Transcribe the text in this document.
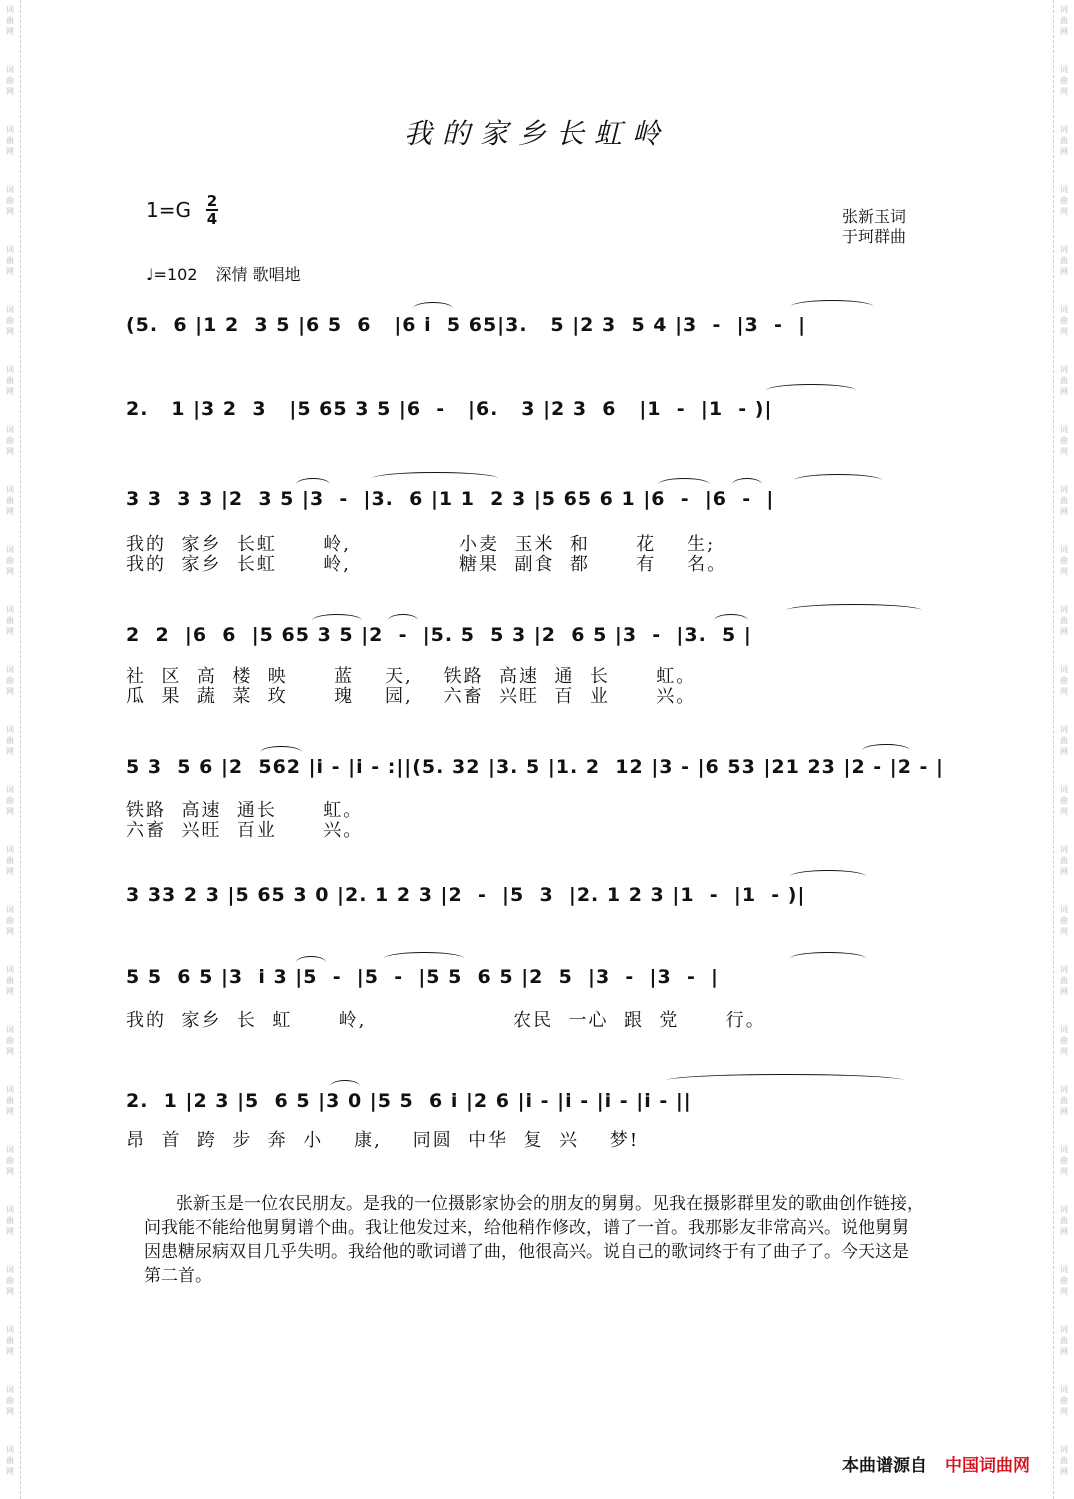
词
曲
网
词
曲
网
词
曲
网
词
曲
网
词
曲
网
词
曲
网
词
曲
网
词
曲
网
词
曲
网
词
曲
网
词
曲
网
词
曲
网
词
曲
网
词
曲
网
词
曲
网
词
曲
网
词
曲
网
词
曲
网
词
曲
网
词
曲
网
词
曲
网
词
曲
网
词
曲
网
词
曲
网
词
曲
网
词
曲
网
词
曲
网
词
曲
网
词
曲
网
词
曲
网
词
曲
网
词
曲
网
词
曲
网
词
曲
网
词
曲
网
词
曲
网
词
曲
网
词
曲
网
词
曲
网
词
曲
网
词
曲
网
词
曲
网
词
曲
网
词
曲
网
词
曲
网
词
曲
网
词
曲
网
词
曲
网
词
曲
网
词
曲
网
我的家乡长虹岭
1=G 2
4	张新玉词
于珂群曲
♩=102 深情 歌唱地
(5.  6 |1 2  3 5 |6 5  6   |6 i  5 65|3.   5 |2 3  5 4 |3  -  |3  -  |
2.   1 |3 2  3   |5 65 3 5 |6  -   |6.   3 |2 3  6   |1  -  |1  - )|
3 3  3 3 |2  3 5 |3  -  |3.  6 |1 1  2 3 |5 65 6 1 |6  -  |6  -  |
2  2  |6  6  |5 65 3 5 |2  -  |5. 5  5 3 |2  6 5 |3  -  |3.  5 |
5 3  5 6 |2  562 |i - |i - :||(5. 32 |3. 5 |1. 2  12 |3 - |6 53 |21 23 |2 - |2 - |
3 33 2 3 |5 65 3 0 |2. 1 2 3 |2  -  |5  3  |2. 1 2 3 |1  -  |1  - )|
5 5  6 5 |3  i 3 |5  -  |5  -  |5 5  6 5 |2  5  |3  -  |3  -  |
2.  1 |2 3 |5  6 5 |3 0 |5 5  6 i |2 6 |i - |i - |i - |i - ||
我的  家乡  长虹      岭,              小麦  玉米  和      花    生;
我的  家乡  长虹      岭,              糖果  副食  都      有    名。
社  区  高  楼  映      蓝    天,    铁路  高速  通  长      虹。
瓜  果  蔬  菜  玫      瑰    园,    六畜  兴旺  百  业      兴。
铁路  高速  通长      虹。
六畜  兴旺  百业      兴。
我的  家乡  长  虹      岭,                   农民  一心  跟  党      行。
昂  首  跨  步  奔  小    康,    同圆  中华  复  兴    梦!
张新玉是一位农民朋友。是我的一位摄影家协会的朋友的舅舅。见我在摄影群里发的歌曲创作链接，问我能不能给他舅舅谱个曲。我让他发过来，给他稍作修改，谱了一首。我那影友非常高兴。说他舅舅因患糖尿病双目几乎失明。我给他的歌词谱了曲，他很高兴。说自己的歌词终于有了曲子了。今天这是第二首。
本曲谱源自 中国词曲网
